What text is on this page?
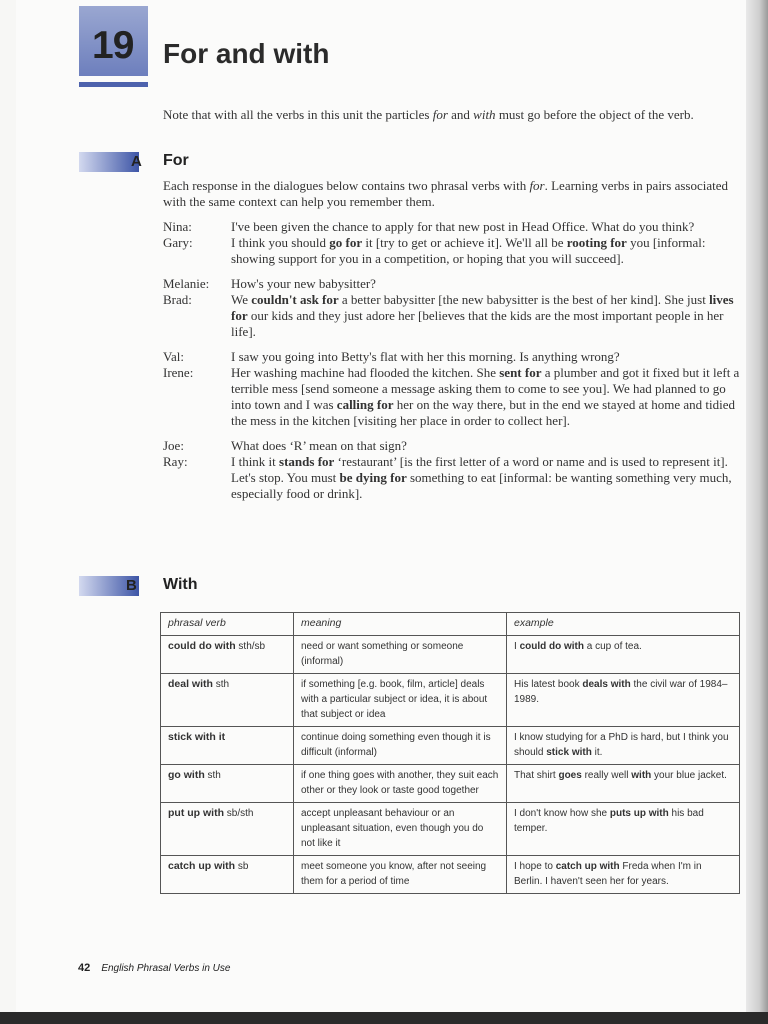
19 For and with
Note that with all the verbs in this unit the particles for and with must go before the object of the verb.
A For
Each response in the dialogues below contains two phrasal verbs with for. Learning verbs in pairs associated with the same context can help you remember them.
Nina:	I've been given the chance to apply for that new post in Head Office. What do you think?
Gary:	I think you should go for it [try to get or achieve it]. We'll all be rooting for you [informal: showing support for you in a competition, or hoping that you will succeed].
Melanie:	How's your new babysitter?
Brad:	We couldn't ask for a better babysitter [the new babysitter is the best of her kind]. She just lives for our kids and they just adore her [believes that the kids are the most important people in her life].
Val:	I saw you going into Betty's flat with her this morning. Is anything wrong?
Irene:	Her washing machine had flooded the kitchen. She sent for a plumber and got it fixed but it left a terrible mess [send someone a message asking them to come to see you]. We had planned to go into town and I was calling for her on the way there, but in the end we stayed at home and tidied the mess in the kitchen [visiting her place in order to collect her].
Joe:	What does ‘R’ mean on that sign?
Ray:	I think it stands for ‘restaurant’ [is the first letter of a word or name and is used to represent it]. Let's stop. You must be dying for something to eat [informal: be wanting something very much, especially food or drink].
B With
phrasal verb	meaning	example
could do with sth/sb	need or want something or someone (informal)	I could do with a cup of tea.
deal with sth	if something [e.g. book, film, article] deals with a particular subject or idea, it is about that subject or idea	His latest book deals with the civil war of 1984–1989.
stick with it	continue doing something even though it is difficult (informal)	I know studying for a PhD is hard, but I think you should stick with it.
go with sth	if one thing goes with another, they suit each other or they look or taste good together	That shirt goes really well with your blue jacket.
put up with sb/sth	accept unpleasant behaviour or an unpleasant situation, even though you do not like it	I don't know how she puts up with his bad temper.
catch up with sb	meet someone you know, after not seeing them for a period of time	I hope to catch up with Freda when I'm in Berlin. I haven't seen her for years.
42 English Phrasal Verbs in Use
